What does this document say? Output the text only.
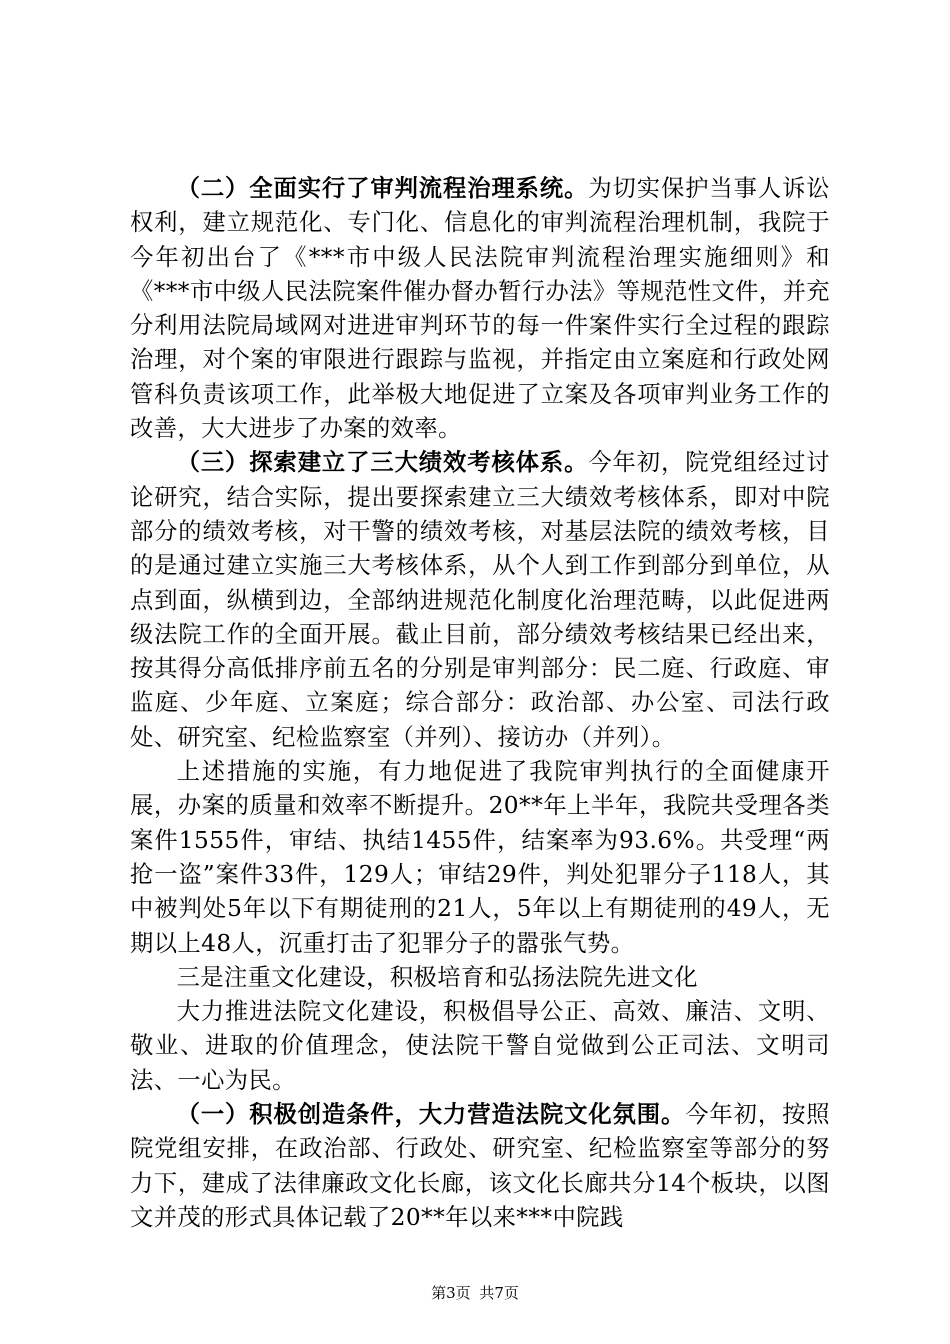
（二）全面实行了审判流程治理系统。为切实保护当事人诉讼权利，建立规范化、专门化、信息化的审判流程治理机制，我院于今年初出台了《***市中级人民法院审判流程治理实施细则》和《***市中级人民法院案件催办督办暂行办法》等规范性文件，并充分利用法院局域网对进进审判环节的每一件案件实行全过程的跟踪治理，对个案的审限进行跟踪与监视，并指定由立案庭和行政处网管科负责该项工作，此举极大地促进了立案及各项审判业务工作的改善，大大进步了办案的效率。

（三）探索建立了三大绩效考核体系。今年初，院党组经过讨论研究，结合实际，提出要探索建立三大绩效考核体系，即对中院部分的绩效考核，对干警的绩效考核，对基层法院的绩效考核，目的是通过建立实施三大考核体系，从个人到工作到部分到单位，从点到面，纵横到边，全部纳进规范化制度化治理范畴，以此促进两级法院工作的全面开展。截止目前，部分绩效考核结果已经出来，按其得分高低排序前五名的分别是审判部分：民二庭、行政庭、审监庭、少年庭、立案庭；综合部分：政治部、办公室、司法行政处、研究室、纪检监察室（并列）、接访办（并列）。

上述措施的实施，有力地促进了我院审判执行的全面健康开展，办案的质量和效率不断提升。20**年上半年，我院共受理各类案件1555件，审结、执结1455件，结案率为93.6%。共受理“两抢一盗”案件33件，129人；审结29件，判处犯罪分子118人，其中被判处5年以下有期徒刑的21人，5年以上有期徒刑的49人，无期以上48人，沉重打击了犯罪分子的嚣张气势。

三是注重文化建设，积极培育和弘扬法院先进文化

大力推进法院文化建设，积极倡导公正、高效、廉洁、文明、敬业、进取的价值理念，使法院干警自觉做到公正司法、文明司法、一心为民。

（一）积极创造条件，大力营造法院文化氛围。今年初，按照院党组安排，在政治部、行政处、研究室、纪检监察室等部分的努力下，建成了法律廉政文化长廊，该文化长廊共分14个板块，以图文并茂的形式具体记载了20**年以来***中院践

第3页 共7页
